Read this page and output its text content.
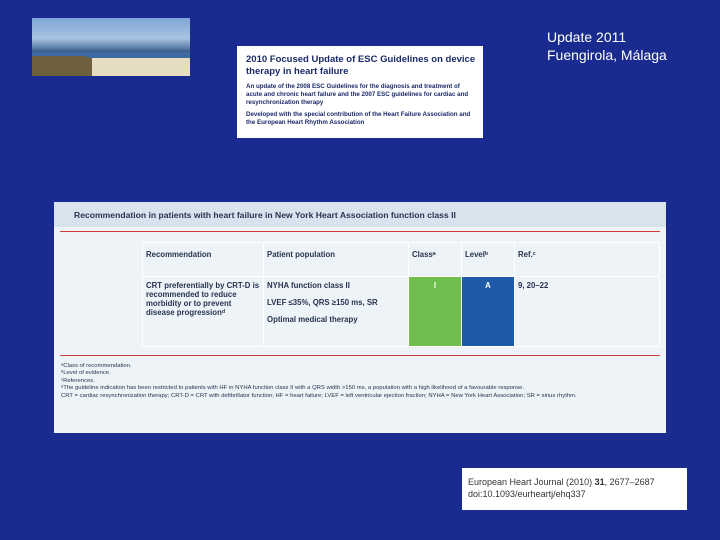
Update 2011
Fuengirola, Málaga
2010 Focused Update of ESC Guidelines on device therapy in heart failure
An update of the 2008 ESC Guidelines for the diagnosis and treatment of acute and chronic heart failure and the 2007 ESC guidelines for cardiac and resynchronization therapy
Developed with the special contribution of the Heart Failure Association and the European Heart Rhythm Association
Recommendation in patients with heart failure in New York Heart Association function class II
Recommendation	Patient population	Classᵃ	Levelᵇ	Ref.ᶜ
CRT preferentially by CRT-D is recommended to reduce morbidity or to prevent disease progressionᵈ	NYHA function class II
LVEF ≤35%, QRS ≥150 ms, SR
Optimal medical therapy	I	A	9, 20–22
ᵃClass of recommendation.
ᵇLevel of evidence.
ᶜReferences.
ᵈThe guideline indication has been restricted to patients with HF in NYHA function class II with a QRS width >150 ms, a population with a high likelihood of a favourable response.
CRT = cardiac resynchronization therapy; CRT-D = CRT with defibrillator function; HF = heart failure; LVEF = left ventricular ejection fraction; NYHA = New York Heart Association; SR = sinus rhythm.
European Heart Journal (2010) 31, 2677–2687
doi:10.1093/eurheartj/ehq337
